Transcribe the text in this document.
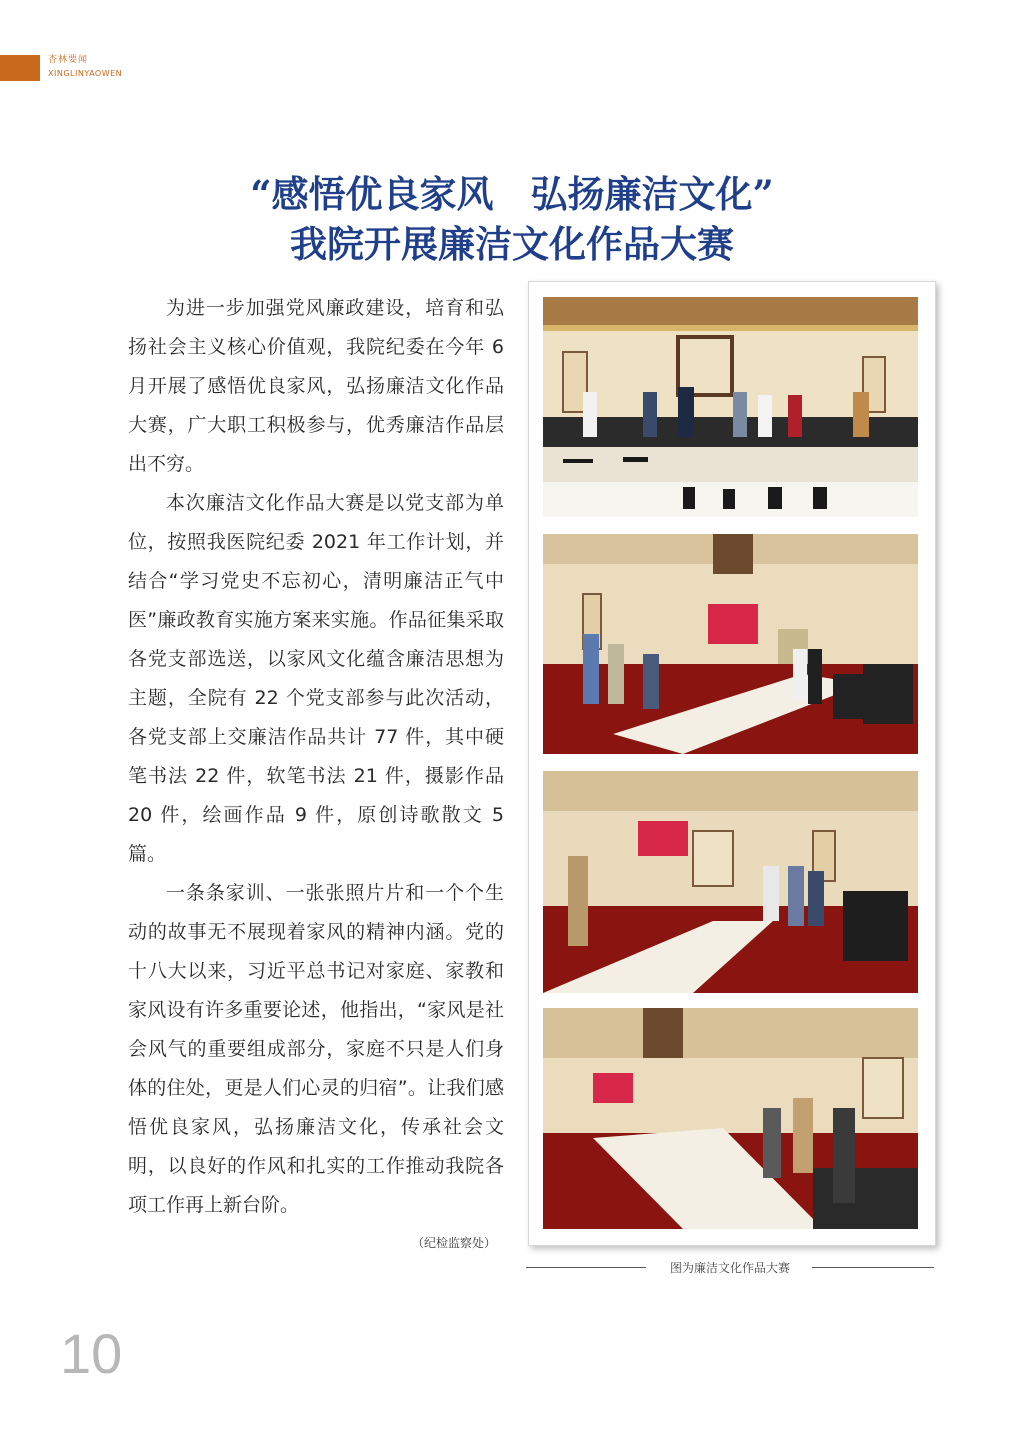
杏林要闻
XINGLINYAOWEN
“感悟优良家风　弘扬廉洁文化”
我院开展廉洁文化作品大赛

为进一步加强党风廉政建设，培育和弘扬社会主义核心价值观，我院纪委在今年 6 月开展了感悟优良家风，弘扬廉洁文化作品大赛，广大职工积极参与，优秀廉洁作品层出不穷。

本次廉洁文化作品大赛是以党支部为单位，按照我医院纪委 2021 年工作计划，并结合“学习党史不忘初心，清明廉洁正气中医”廉政教育实施方案来实施。作品征集采取各党支部选送，以家风文化蕴含廉洁思想为主题，全院有 22 个党支部参与此次活动，各党支部上交廉洁作品共计 77 件，其中硬笔书法 22 件，软笔书法 21 件，摄影作品 20 件，绘画作品 9 件，原创诗歌散文 5 篇。

一条条家训、一张张照片片和一个个生动的故事无不展现着家风的精神内涵。党的十八大以来，习近平总书记对家庭、家教和家风设有许多重要论述，他指出，“家风是社会风气的重要组成部分，家庭不只是人们身体的住处，更是人们心灵的归宿”。让我们感悟优良家风，弘扬廉洁文化，传承社会文明，以良好的作风和扎实的工作推动我院各项工作再上新台阶。

（纪检监察处）
图为廉洁文化作品大赛
10
